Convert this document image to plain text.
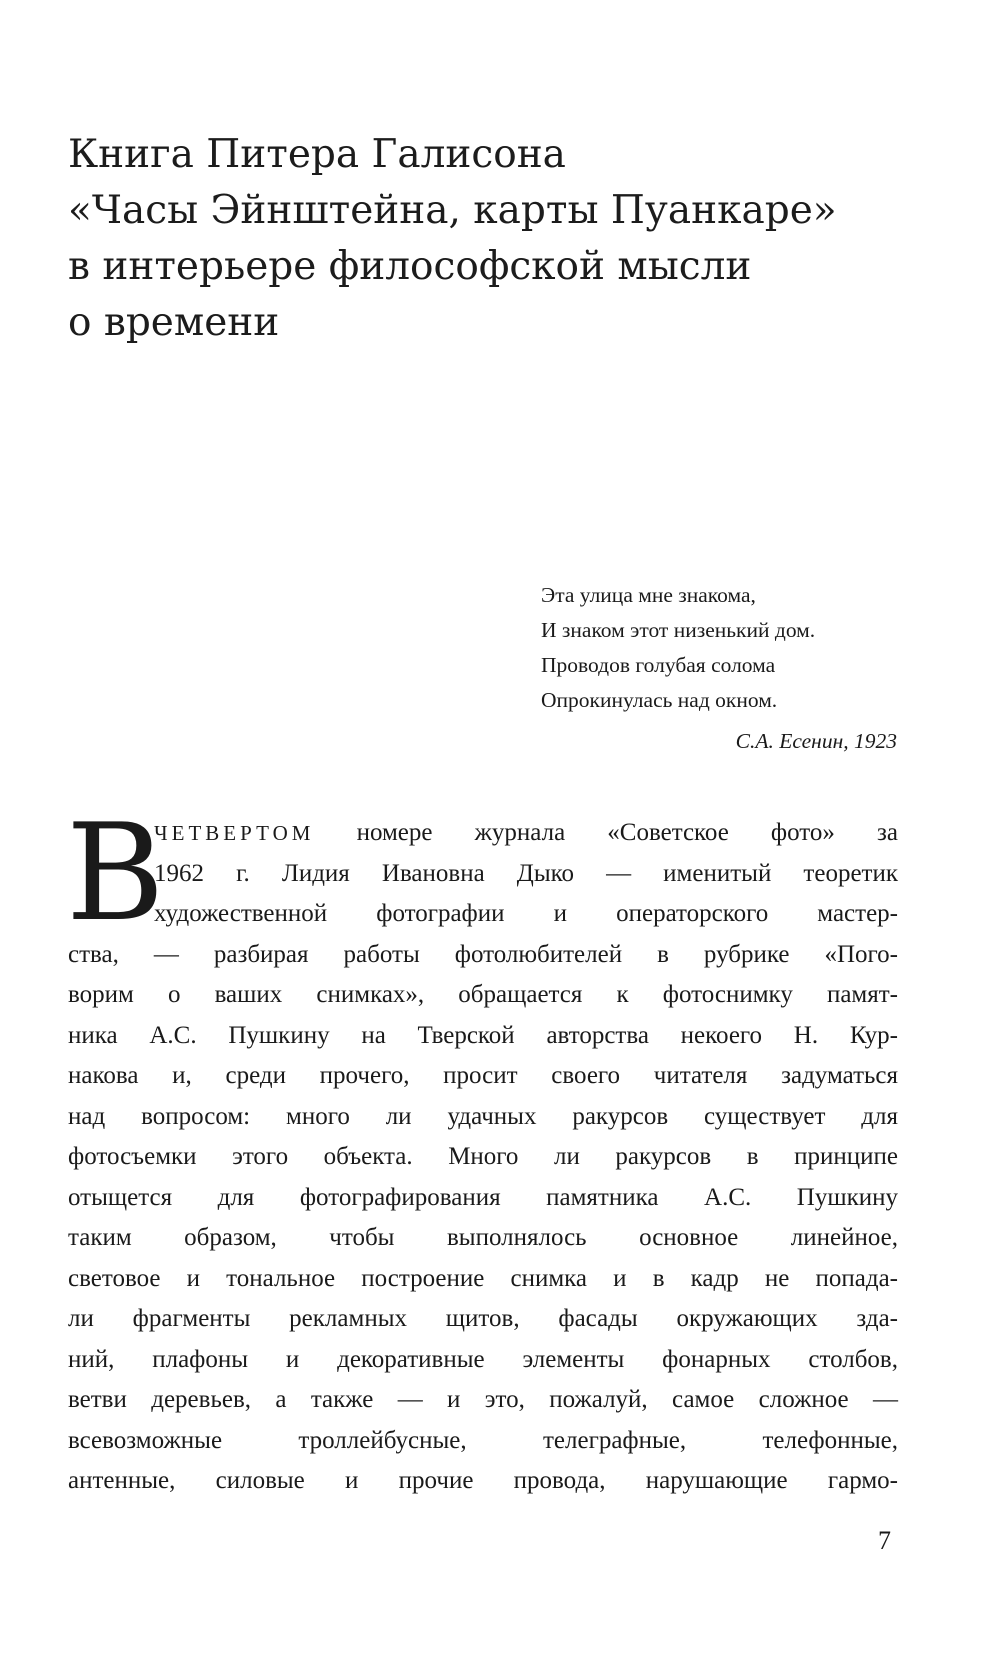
Книга Питера Галисона
«Часы Эйнштейна, карты Пуанкаре»
в интерьере философской мысли
о времени
Эта улица мне знакома,
И знаком этот низенький дом.
Проводов голубая солома
Опрокинулась над окном.
С.А. Есенин, 1923
В
ЧЕТВЕРТОМ номере журнала «Советское фото» за
1962 г. Лидия Ивановна Дыко — именитый теоретик
художественной фотографии и операторского мастер-
ства, — разбирая работы фотолюбителей в рубрике «Пого-
ворим о ваших снимках», обращается к фотоснимку памят-
ника А.С. Пушкину на Тверской авторства некоего Н. Кур-
накова и, среди прочего, просит своего читателя задуматься
над вопросом: много ли удачных ракурсов существует для
фотосъемки этого объекта. Много ли ракурсов в принципе
отыщется для фотографирования памятника А.С. Пушкину
таким образом, чтобы выполнялось основное линейное,
световое и тональное построение снимка и в кадр не попада-
ли фрагменты рекламных щитов, фасады окружающих зда-
ний, плафоны и декоративные элементы фонарных столбов,
ветви деревьев, а также — и это, пожалуй, самое сложное —
всевозможные троллейбусные, телеграфные, телефонные,
антенные, силовые и прочие провода, нарушающие гармо-
7
